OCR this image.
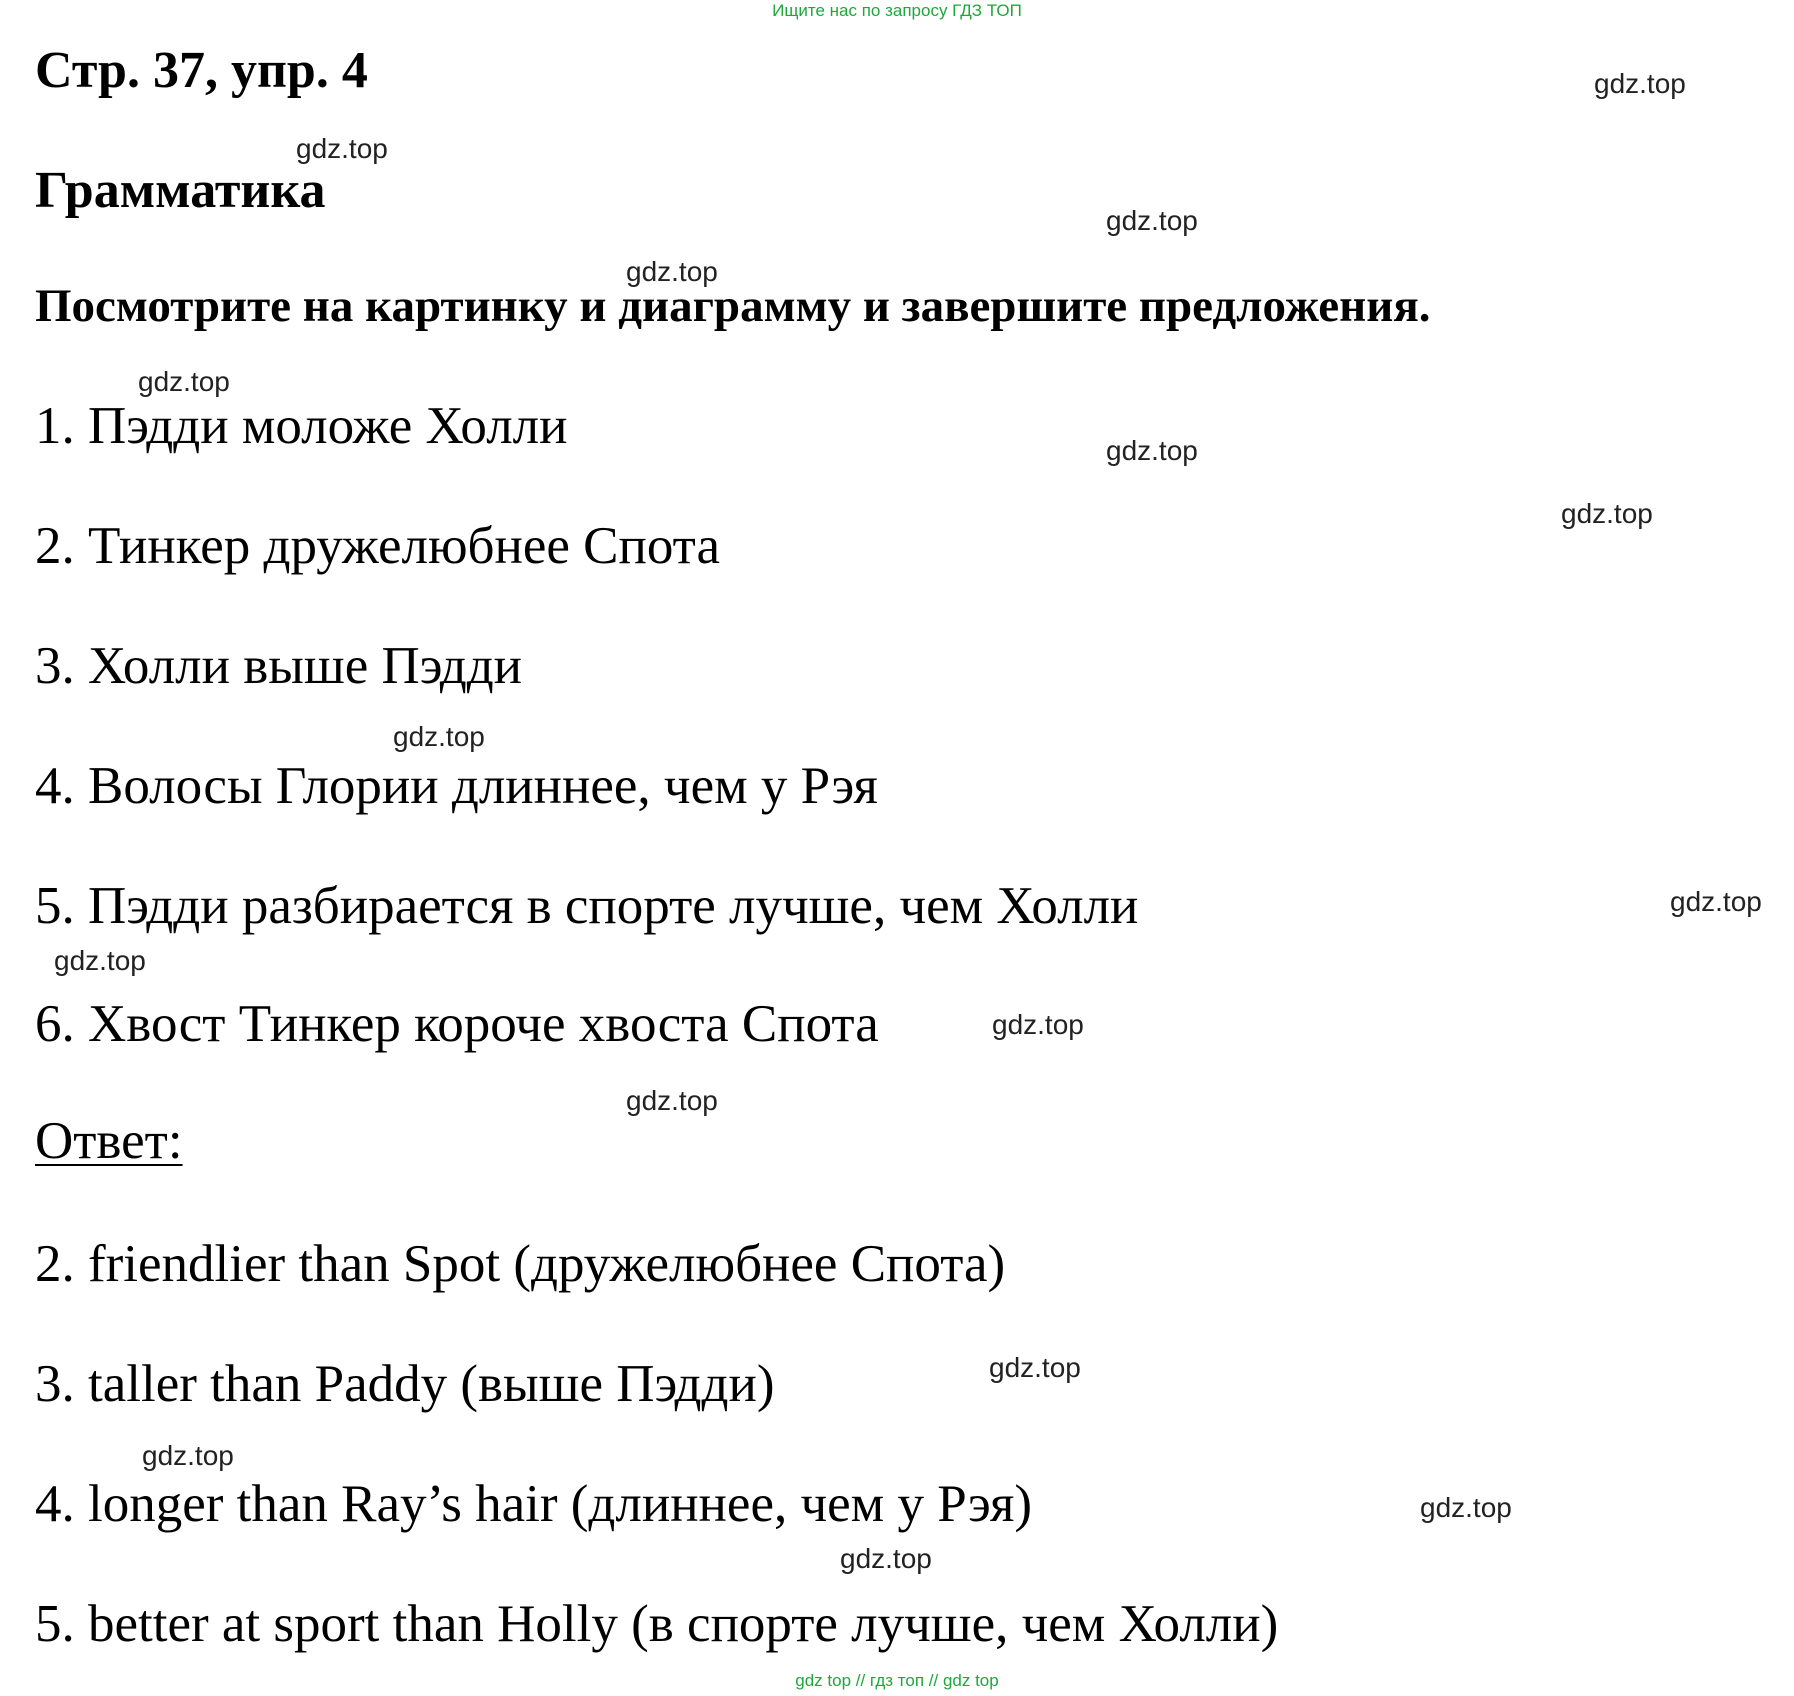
Ищите нас по запросу ГДЗ ТОП
Стр. 37, упр. 4
Грамматика
Посмотрите на картинку и диаграмму и завершите предложения.
1. Пэдди моложе Холли
2. Тинкер дружелюбнее Спота
3. Холли выше Пэдди
4. Волосы Глории длиннее, чем у Рэя
5. Пэдди разбирается в спорте лучше, чем Холли
6. Хвост Тинкер короче хвоста Спота
Ответ:
2. friendlier than Spot (дружелюбнее Спота)
3. taller than Paddy (выше Пэдди)
4. longer than Ray’s hair (длиннее, чем у Рэя)
5. better at sport than Holly (в спорте лучше, чем Холли)
gdz.top
gdz.top
gdz.top
gdz.top
gdz.top
gdz.top
gdz.top
gdz.top
gdz.top
gdz.top
gdz.top
gdz.top
gdz.top
gdz.top
gdz.top
gdz.top
gdz top // гдз топ // gdz top
